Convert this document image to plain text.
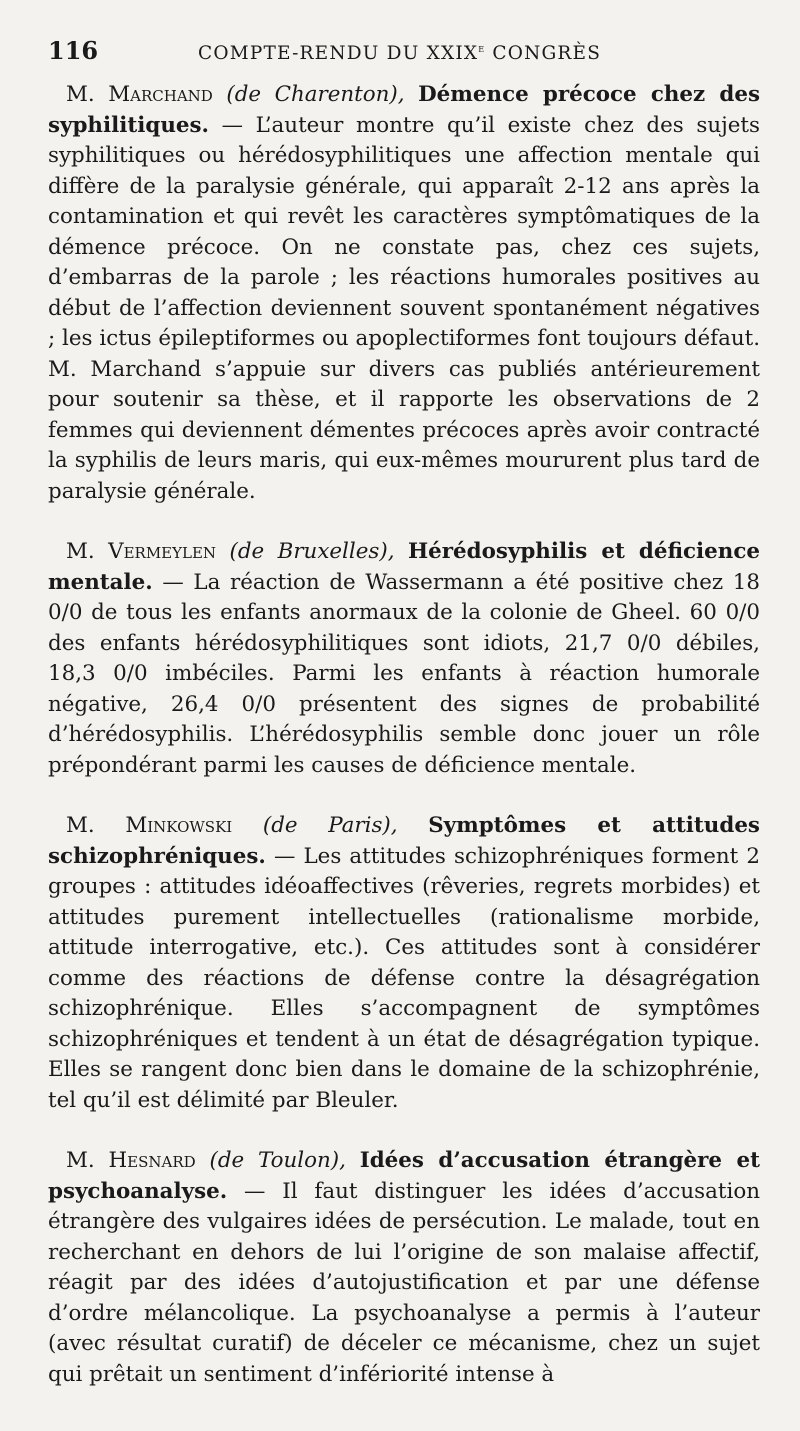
116	COMPTE-RENDU DU XXIXe CONGRÈS

M. Marchand (de Charenton), Démence précoce chez des syphilitiques. — L’auteur montre qu’il existe chez des sujets syphilitiques ou hérédosyphilitiques une affection mentale qui diffère de la paralysie générale, qui apparaît 2-12 ans après la contamination et qui revêt les caractères symptômatiques de la démence précoce. On ne constate pas, chez ces sujets, d’embarras de la parole ; les réactions humorales positives au début de l’affection deviennent souvent spontanément négatives ; les ictus épileptiformes ou apoplectiformes font toujours défaut. M. Marchand s’appuie sur divers cas publiés antérieurement pour soutenir sa thèse, et il rapporte les observations de 2 femmes qui deviennent démentes précoces après avoir contracté la syphilis de leurs maris, qui eux-mêmes moururent plus tard de paralysie générale.

M. Vermeylen (de Bruxelles), Hérédosyphilis et déficience mentale. — La réaction de Wassermann a été positive chez 18 0/0 de tous les enfants anormaux de la colonie de Gheel. 60 0/0 des enfants hérédosyphilitiques sont idiots, 21,7 0/0 débiles, 18,3 0/0 imbéciles. Parmi les enfants à réaction humorale négative, 26,4 0/0 présentent des signes de probabilité d’hérédosyphilis. L’hérédosyphilis semble donc jouer un rôle prépondérant parmi les causes de déficience mentale.

M. Minkowski (de Paris), Symptômes et attitudes schizophréniques. — Les attitudes schizophréniques forment 2 groupes : attitudes idéoaffectives (rêveries, regrets morbides) et attitudes purement intellectuelles (rationalisme morbide, attitude interrogative, etc.). Ces attitudes sont à considérer comme des réactions de défense contre la désagrégation schizophrénique. Elles s’accompagnent de symptômes schizophréniques et tendent à un état de désagrégation typique. Elles se rangent donc bien dans le domaine de la schizophrénie, tel qu’il est délimité par Bleuler.

M. Hesnard (de Toulon), Idées d’accusation étrangère et psychoanalyse. — Il faut distinguer les idées d’accusation étrangère des vulgaires idées de persécution. Le malade, tout en recherchant en dehors de lui l’origine de son malaise affectif, réagit par des idées d’autojustification et par une défense d’ordre mélancolique. La psychoanalyse a permis à l’auteur (avec résultat curatif) de déceler ce mécanisme, chez un sujet qui prêtait un sentiment d’infériorité intense à
